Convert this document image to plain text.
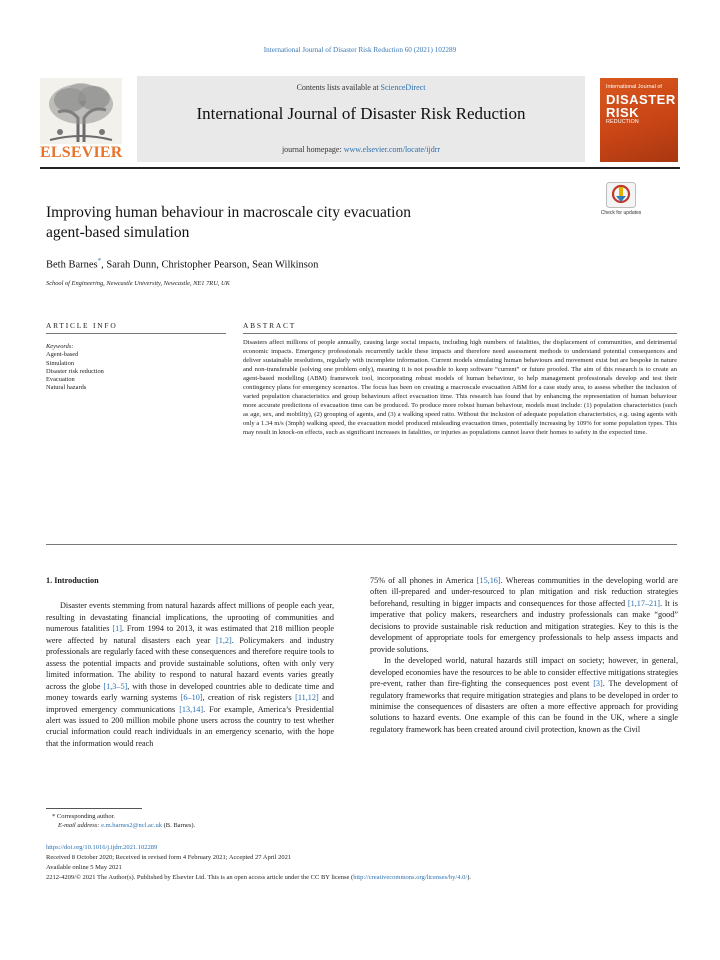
International Journal of Disaster Risk Reduction 60 (2021) 102289
ELSEVIER
Contents lists available at ScienceDirect
International Journal of Disaster Risk Reduction
journal homepage: www.elsevier.com/locate/ijdrr
International Journal of
DISASTER
RISK
REDUCTION
Check for updates
Improving human behaviour in macroscale city evacuation
agent-based simulation
Beth Barnes*, Sarah Dunn, Christopher Pearson, Sean Wilkinson
School of Engineering, Newcastle University, Newcastle, NE1 7RU, UK
ARTICLE INFO
Keywords:
Agent-based
Simulation
Disaster risk reduction
Evacuation
Natural hazards
ABSTRACT
Disasters affect millions of people annually, causing large social impacts, including high numbers of fatalities, the displacement of communities, and detrimental economic impacts. Emergency professionals recurrently tackle these impacts and therefore need assessment methods to understand potential consequences and deliver sustainable resolutions, regularly with incomplete information. Current models simulating human behaviours and movement exist but are bespoke in nature and non-transferable (solving one problem only), meaning it is not possible to keep software “current” or future proofed. The aim of this research is to create an agent-based modelling (ABM) framework tool, incorporating robust models of human behaviour, to help management professionals develop and test their contingency plans for emergency scenarios. The focus has been on creating a macroscale evacuation ABM for a case study area, to assess whether the inclusion of varied population characteristics and group behaviours affect evacuation time. This research has found that by enhancing the representation of human behaviour more accurate predictions of evacuation time can be produced. To produce more robust human behaviour, models must include: (1) population characteristics (such as age, sex, and mobility), (2) grouping of agents, and (3) a walking speed ratio. Without the inclusion of adequate population characteristics, e.g. using agents with only a 1.34 m/s (3mph) walking speed, the evacuation model produced misleading evacuation times, potentially increasing by 109% for some population types. This may result in knock-on effects, such as significant increases in fatalities, or injuries as populations cannot leave their homes to safety in the expected time.
1. Introduction

Disaster events stemming from natural hazards affect millions of people each year, resulting in devastating financial implications, the uprooting of communities and numerous fatalities [1]. From 1994 to 2013, it was estimated that 218 million people were affected by natural disasters each year [1,2]. Policymakers and industry professionals are regularly faced with these consequences and therefore require tools to assess the potential impacts and provide sustainable solutions, often with only very limited information. The ability to respond to natural hazard events varies greatly across the globe [1,3–5], with those in developed countries able to dedicate time and money towards early warning systems [6–10], creation of risk registers [11,12] and improved emergency communications [13,14]. For example, America’s Presidential alert was issued to 200 million mobile phone users across the country to test whether crucial information could reach individuals in an emergency scenario, with the hope that the information would reach

75% of all phones in America [15,16]. Whereas communities in the developing world are often ill-prepared and under-resourced to plan mitigation and risk reduction strategies beforehand, resulting in bigger impacts and consequences for those affected [1,17–21]. It is imperative that policy makers, researchers and industry professionals can make “good” decisions to provide sustainable risk reduction and mitigation strategies. Key to this is the development of appropriate tools for emergency professionals to help assess impacts and provide solutions.

In the developed world, natural hazards still impact on society; however, in general, developed economies have the resources to be able to consider effective mitigations strategies pre-event, rather than fire-fighting the consequences post event [3]. The development of regulatory frameworks that require mitigation strategies and plans to be developed in order to minimise the consequences of disasters are often a more effective approach for providing solutions to hazard events. One example of this can be found in the UK, where a single regulatory framework has been created around civil protection, known as the Civil

* Corresponding author.
E-mail address: e.m.barnes2@ncl.ac.uk (B. Barnes).
https://doi.org/10.1016/j.ijdrr.2021.102289
Received 8 October 2020; Received in revised form 4 February 2021; Accepted 27 April 2021
Available online 5 May 2021
2212-4209/© 2021 The Author(s). Published by Elsevier Ltd. This is an open access article under the CC BY license (http://creativecommons.org/licenses/by/4.0/).
